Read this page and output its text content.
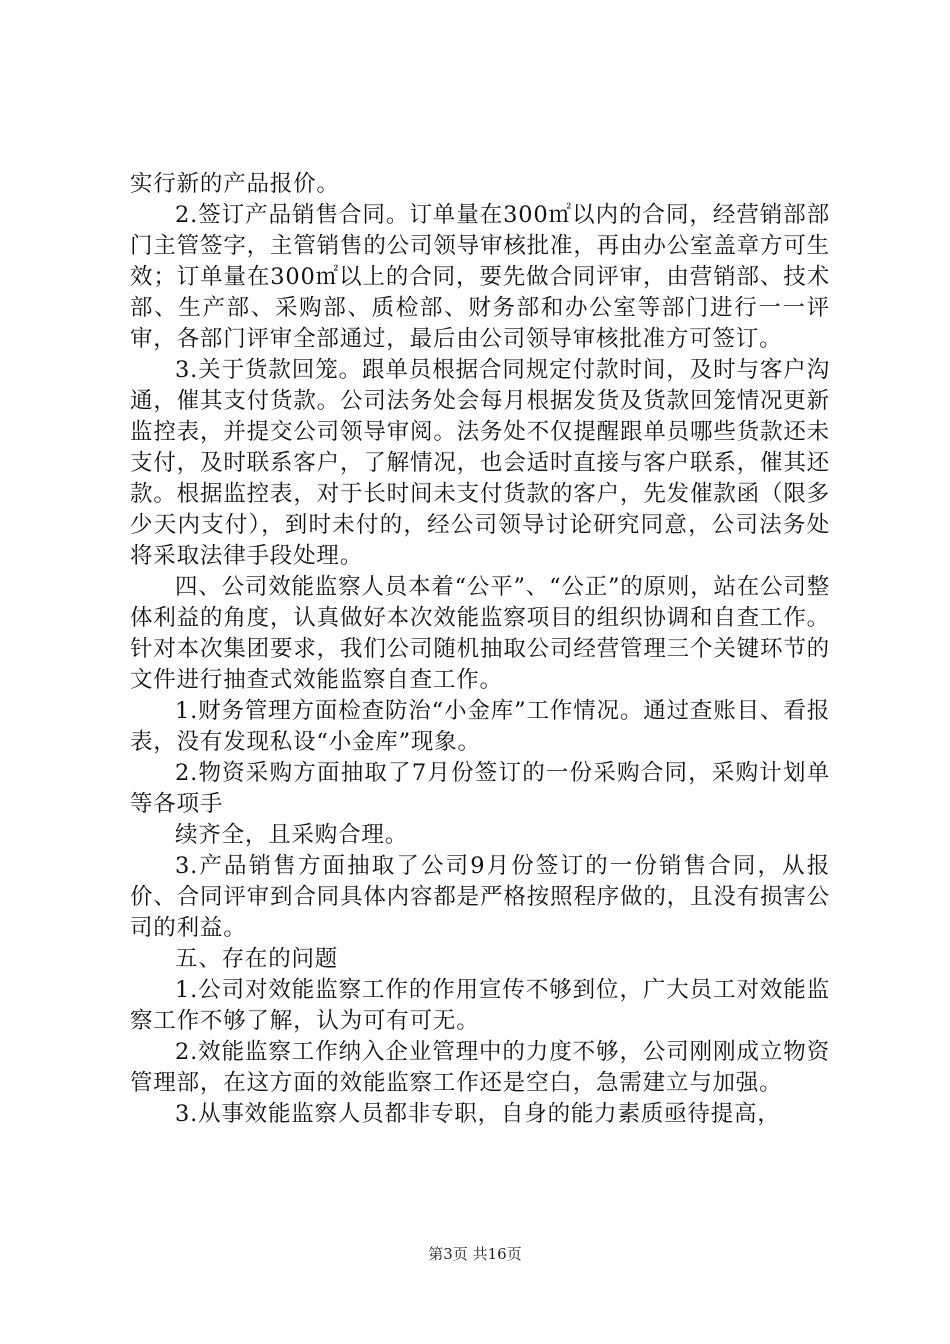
实行新的产品报价。

2.签订产品销售合同。订单量在300㎡以内的合同，经营销部部门主管签字，主管销售的公司领导审核批准，再由办公室盖章方可生效；订单量在300㎡以上的合同，要先做合同评审，由营销部、技术部、生产部、采购部、质检部、财务部和办公室等部门进行一一评审，各部门评审全部通过，最后由公司领导审核批准方可签订。

3.关于货款回笼。跟单员根据合同规定付款时间，及时与客户沟通，催其支付货款。公司法务处会每月根据发货及货款回笼情况更新监控表，并提交公司领导审阅。法务处不仅提醒跟单员哪些货款还未支付，及时联系客户，了解情况，也会适时直接与客户联系，催其还款。根据监控表，对于长时间未支付货款的客户，先发催款函（限多少天内支付），到时未付的，经公司领导讨论研究同意，公司法务处将采取法律手段处理。

四、公司效能监察人员本着“公平”、“公正”的原则，站在公司整体利益的角度，认真做好本次效能监察项目的组织协调和自查工作。针对本次集团要求，我们公司随机抽取公司经营管理三个关键环节的文件进行抽查式效能监察自查工作。

1.财务管理方面检查防治“小金库”工作情况。通过查账目、看报表，没有发现私设“小金库”现象。

2.物资采购方面抽取了7月份签订的一份采购合同，采购计划单等各项手

续齐全，且采购合理。

3.产品销售方面抽取了公司9月份签订的一份销售合同，从报价、合同评审到合同具体内容都是严格按照程序做的，且没有损害公司的利益。

五、存在的问题

1.公司对效能监察工作的作用宣传不够到位，广大员工对效能监察工作不够了解，认为可有可无。

2.效能监察工作纳入企业管理中的力度不够，公司刚刚成立物资管理部，在这方面的效能监察工作还是空白，急需建立与加强。

3.从事效能监察人员都非专职，自身的能力素质亟待提高，

第3页 共16页
